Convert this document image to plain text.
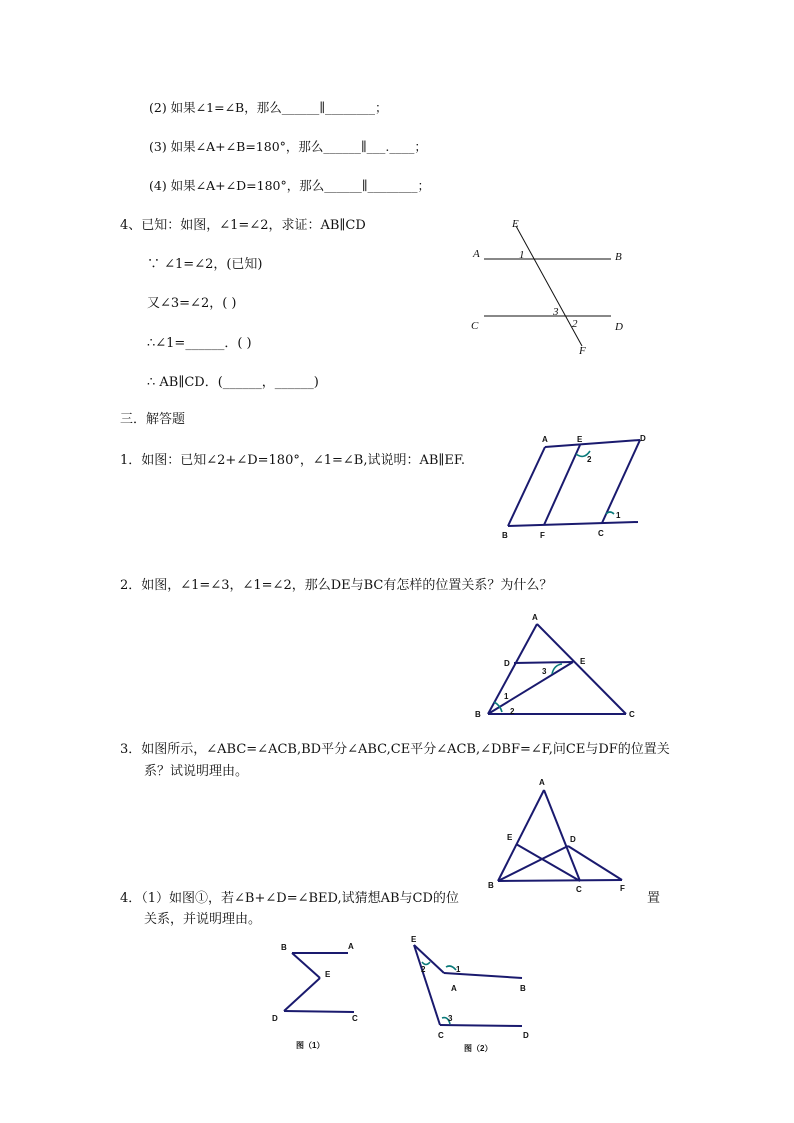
(2) 如果∠1=∠B，那么______∥________；
(3) 如果∠A+∠B=180°，那么______∥___.____；
(4) 如果∠A+∠D=180°，那么______∥________；
4、已知：如图，∠1=∠2，求证：AB∥CD
∵ ∠1=∠2，(已知)
又∠3=∠2，( )
∴∠1=______．( )
∴ AB∥CD．(______，______)
E
A	B
C	D
F
1
3
2
三．解答题
1．如图：已知∠2+∠D=180°，∠1=∠B,试说明：AB∥EF.
A	E	D
B	F	C
2
1
2．如图，∠1=∠3，∠1=∠2，那么DE与BC有怎样的位置关系？为什么？
A
D	E
B	C
3
1
2
3．如图所示，∠ABC=∠ACB,BD平分∠ABC,CE平分∠ACB,∠DBF=∠F,问CE与DF的位置关
系？试说明理由。
A
E	D
B	C	F
4．（1）如图①，若∠B+∠D=∠BED,试猜想AB与CD的位	置
关系，并说明理由。
B	A
E
D	C
图（1）
E
1
2
A	B
3
C	D
图（2）
